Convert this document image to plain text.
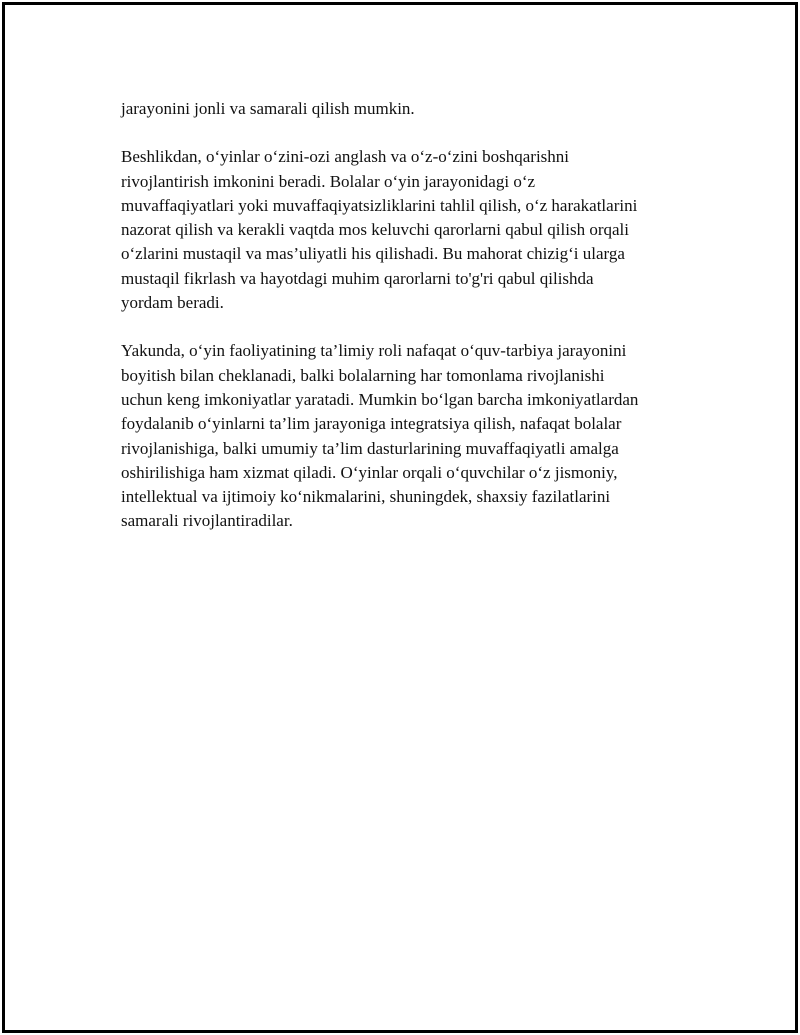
jarayonini jonli va samarali qilish mumkin.

Beshlikdan, o‘yinlar o‘zini-ozi anglash va o‘z-o‘zini boshqarishni
rivojlantirish imkonini beradi. Bolalar o‘yin jarayonidagi o‘z
muvaffaqiyatlari yoki muvaffaqiyatsizliklarini tahlil qilish, o‘z harakatlarini
nazorat qilish va kerakli vaqtda mos keluvchi qarorlarni qabul qilish orqali
o‘zlarini mustaqil va mas’uliyatli his qilishadi. Bu mahorat chizig‘i ularga
mustaqil fikrlash va hayotdagi muhim qarorlarni to'g'ri qabul qilishda
yordam beradi.

Yakunda, o‘yin faoliyatining ta’limiy roli nafaqat o‘quv-tarbiya jarayonini
boyitish bilan cheklanadi, balki bolalarning har tomonlama rivojlanishi
uchun keng imkoniyatlar yaratadi. Mumkin bo‘lgan barcha imkoniyatlardan
foydalanib o‘yinlarni ta’lim jarayoniga integratsiya qilish, nafaqat bolalar
rivojlanishiga, balki umumiy ta’lim dasturlarining muvaffaqiyatli amalga
oshirilishiga ham xizmat qiladi. O‘yinlar orqali o‘quvchilar o‘z jismoniy,
intellektual va ijtimoiy ko‘nikmalarini, shuningdek, shaxsiy fazilatlarini
samarali rivojlantiradilar.
